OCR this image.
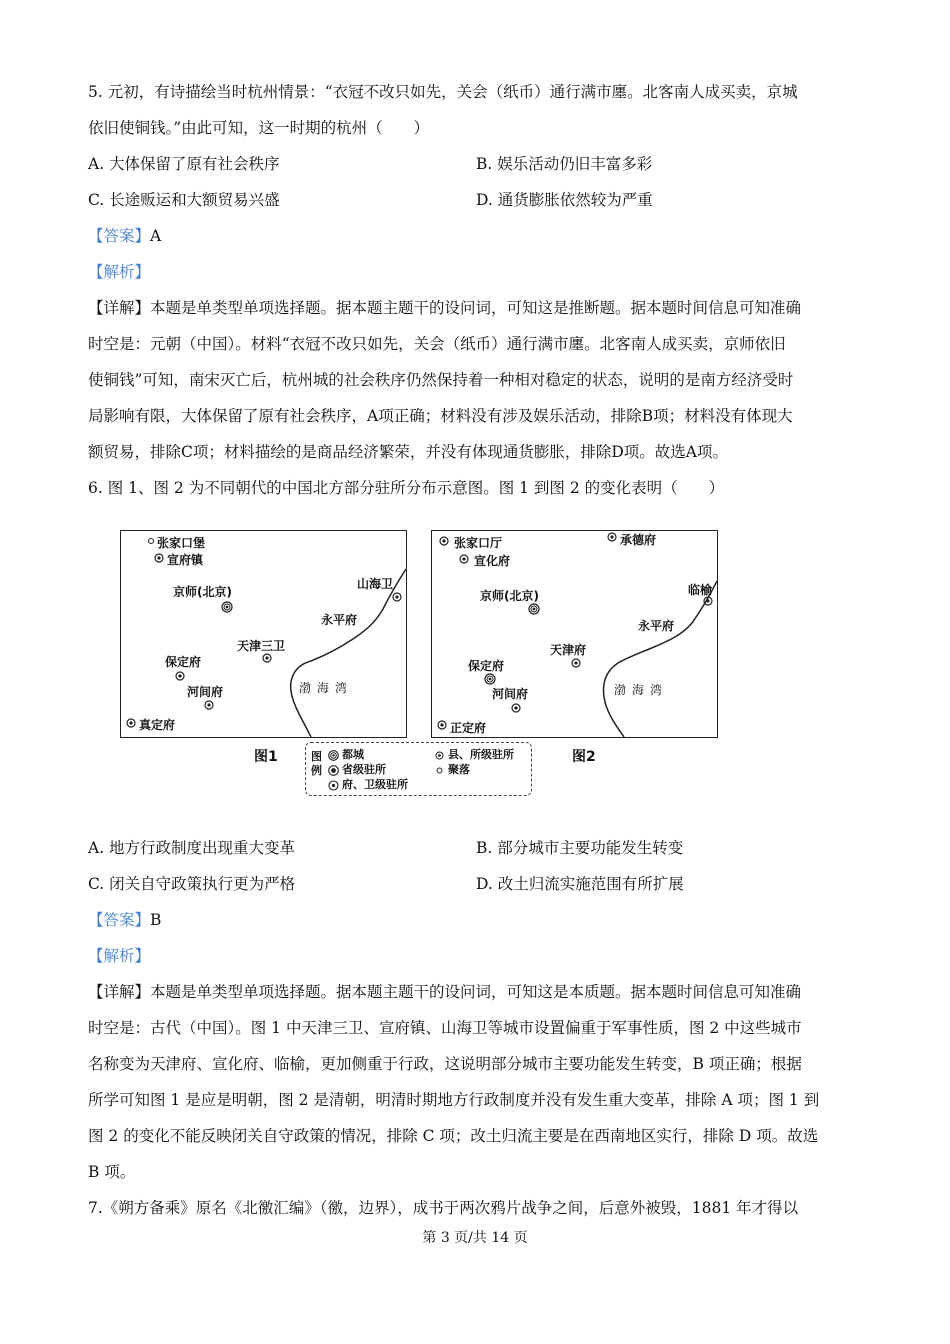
5. 元初，有诗描绘当时杭州情景：“衣冠不改只如先，关会（纸币）通行满市廛。北客南人成买卖，京城

依旧使铜钱。”由此可知，这一时期的杭州（　　）

A. 大体保留了原有社会秩序	B. 娱乐活动仍旧丰富多彩
C. 长途贩运和大额贸易兴盛	D. 通货膨胀依然较为严重

【答案】A

【解析】

【详解】本题是单类型单项选择题。据本题主题干的设问词，可知这是推断题。据本题时间信息可知准确

时空是：元朝（中国）。材料“衣冠不改只如先，关会（纸币）通行满市廛。北客南人成买卖，京师依旧

使铜钱”可知，南宋灭亡后，杭州城的社会秩序仍然保持着一种相对稳定的状态，说明的是南方经济受时

局影响有限，大体保留了原有社会秩序，A项正确；材料没有涉及娱乐活动，排除B项；材料没有体现大

额贸易，排除C项；材料描绘的是商品经济繁荣，并没有体现通货膨胀，排除D项。故选A项。

6. 图 1、图 2 为不同朝代的中国北方部分驻所分布示意图。图 1 到图 2 的变化表明（　　）

张家口堡
宣府镇
京师(北京)
山海卫
永平府
天津三卫
保定府
河间府
真定府
渤海湾
图1
张家口厅
宣化府
承德府
京师(北京)	临榆
永平府
天津府
保定府
河间府
正定府
渤海湾
图2
图例
都城
省级驻所
府、卫级驻所
县、所级驻所
聚落
A. 地方行政制度出现重大变革	B. 部分城市主要功能发生转变
C. 闭关自守政策执行更为严格	D. 改土归流实施范围有所扩展

【答案】B

【解析】

【详解】本题是单类型单项选择题。据本题主题干的设问词，可知这是本质题。据本题时间信息可知准确

时空是：古代（中国）。图 1 中天津三卫、宣府镇、山海卫等城市设置偏重于军事性质，图 2 中这些城市

名称变为天津府、宣化府、临榆，更加侧重于行政，这说明部分城市主要功能发生转变，B 项正确；根据

所学可知图 1 是应是明朝，图 2 是清朝，明清时期地方行政制度并没有发生重大变革，排除 A 项；图 1 到

图 2 的变化不能反映闭关自守政策的情况，排除 C 项；改土归流主要是在西南地区实行，排除 D 项。故选

B 项。

7.《朔方备乘》原名《北徼汇编》（徼，边界），成书于两次鸦片战争之间，后意外被毁，1881 年才得以

第 3 页/共 14 页
